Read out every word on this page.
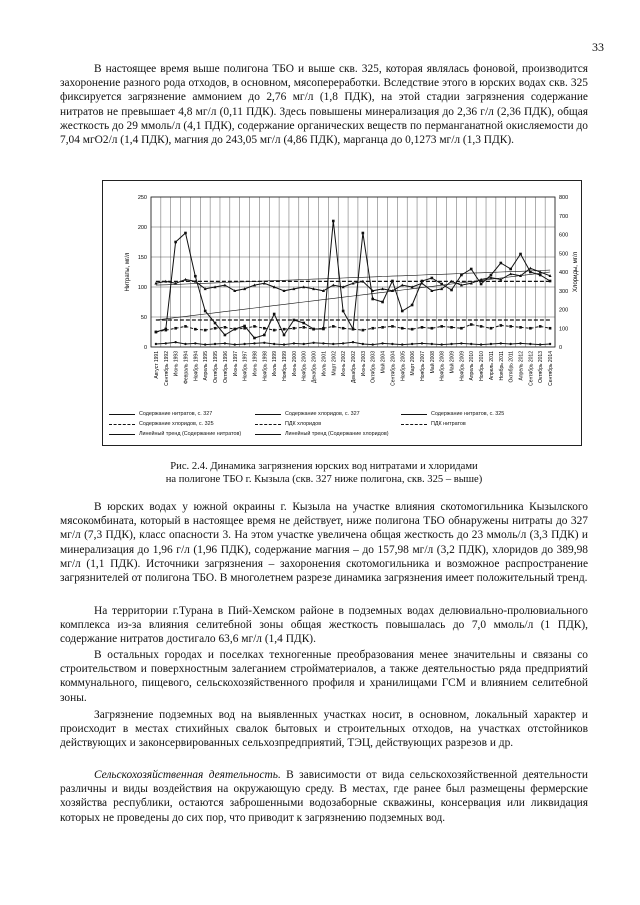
33

В настоящее время выше полигона ТБО и выше скв. 325, которая являлась фоновой, производится захоронение разного рода отходов, в основном, мясопереработки. Вследствие этого в юрских водах скв. 325 фиксируется загрязнение аммонием до 2,76 мг/л (1,8 ПДК), на этой стадии загрязнения содержание нитратов не превышает 4,8 мг/л (0,11 ПДК). Здесь повышены минерализация до 2,36 г/л (2,36 ПДК), общая жесткость до 29 ммоль/л (4,1 ПДК), содержание органических веществ по перманганатной окисляемости до 7,04 мгО2/л (1,4 ПДК), магния до 243,05 мг/л (4,86 ПДК), марганца до 0,1273 мг/л (1,3 ПДК).

0
50
100
150
200
250
0
100
200
300
400
500
600
700
800
Нитраты, мг/л	Хлориды, мг/л
Август 1991 Сентябрь 1992 Июнь 1993 Февраль 1994 Ноябрь 1994 Апрель 1995 Октябрь 1995 Октябрь 1996 Июнь 1997 Ноябрь 1997 Июнь 1998 Ноябрь 1998 Июль 1999 Ноябрь 1999 Июнь 2000 Ноябрь 2000 Декабрь 2000 Июль 2001 Март 2002 Июнь 2002 Декабрь 2002 Июнь 2003 Октябрь 2003 Май 2004 Сентябрь 2004 Ноябрь 2005 Март 2006 Ноябрь 2007 Май 2008 Ноябрь 2008 Май 2009 Ноябрь 2009 Апрель 2010 Ноябрь 2010 Апрель 2011 Ноябрь 2011 Октябрь 2011 Апрель 2012 Сентябрь 2012 Октябрь 2013 Сентябрь 2014
Содержание нитратов, с. 327	Содержание хлоридов, с. 327	Содержание нитратов, с. 325
Содержание хлоридов, с. 325	ПДК хлоридов	ПДК нитратов
Линейный тренд (Содержание нитратов)	Линейный тренд (Содержание хлоридов)

Рис. 2.4. Динамика загрязнения юрских вод нитратами и хлоридами
на полигоне ТБО г. Кызыла (скв. 327 ниже полигона, скв. 325 – выше)

В юрских водах у южной окраины г. Кызыла на участке влияния скотомогильника Кызылского мясокомбината, который в настоящее время не действует, ниже полигона ТБО обнаружены нитраты до 327 мг/л (7,3 ПДК), класс опасности 3. На этом участке увеличена общая жесткость до 23 ммоль/л (3,3 ПДК) и минерализация до 1,96 г/л (1,96 ПДК), содержание магния – до 157,98 мг/л (3,2 ПДК), хлоридов до 389,98 мг/л (1,1 ПДК). Источники загрязнения – захоронения скотомогильника и возможное распространение загрязнителей от полигона ТБО. В многолетнем разрезе динамика загрязнения имеет положительный тренд.

На территории г.Турана в Пий-Хемском районе в подземных водах делювиально-пролювиального комплекса из-за влияния селитебной зоны общая жесткость повышалась до 7,0 ммоль/л (1 ПДК), содержание нитратов достигало 63,6 мг/л (1,4 ПДК).

В остальных городах и поселках техногенные преобразования менее значительны и связаны со строительством и поверхностным залеганием стройматериалов, а также деятельностью ряда предприятий коммунального, пищевого, сельскохозяйственного профиля и хранилищами ГСМ и влиянием селитебной зоны.

Загрязнение подземных вод на выявленных участках носит, в основном, локальный характер и происходит в местах стихийных свалок бытовых и строительных отходов, на участках отстойников действующих и законсервированных сельхозпредприятий, ТЭЦ, действующих разрезов и др.

Сельскохозяйственная деятельность. В зависимости от вида сельскохозяйственной деятельности различны и виды воздействия на окружающую среду. В местах, где ранее был размещены фермерские хозяйства республики, остаются заброшенными водозаборные скважины, консервация или ликвидация которых не проведены до сих пор, что приводит к загрязнению подземных вод.
